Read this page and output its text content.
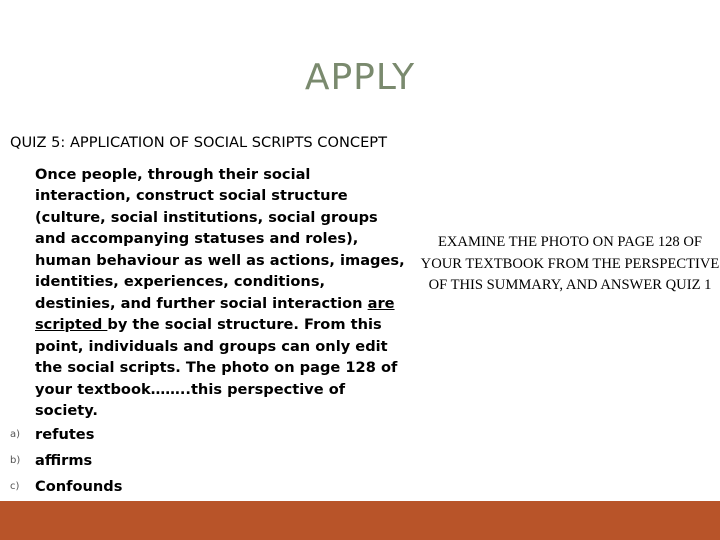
APPLY

QUIZ 5: APPLICATION OF SOCIAL SCRIPTS CONCEPT

Once people, through their social interaction, construct social structure (culture, social institutions, social groups and accompanying statuses and roles), human behaviour as well as actions, images, identities, experiences, conditions, destinies, and further social interaction are scripted by the social structure. From this point, individuals and groups can only edit the social scripts. The photo on page 128 of your textbook……..this perspective of society.

a) refutes
b) affirms
c) Confounds
EXAMINE THE PHOTO ON PAGE 128 OF YOUR TEXTBOOK FROM THE PERSPECTIVE OF THIS SUMMARY, AND ANSWER QUIZ 1
